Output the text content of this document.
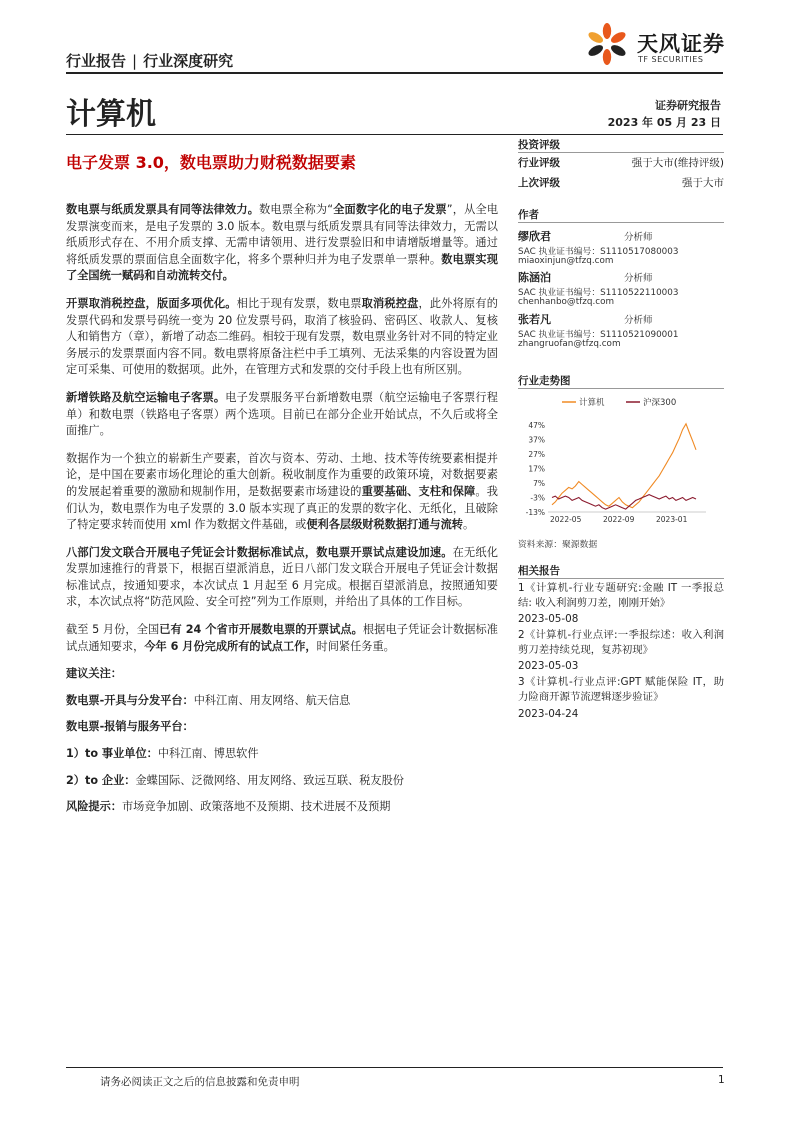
行业报告 | 行业深度研究
天风证券
TF SECURITIES
计算机	证券研究报告
2023 年 05 月 23 日
电子发票 3.0，数电票助力财税数据要素

数电票与纸质发票具有同等法律效力。数电票全称为“全面数字化的电子发票”，从全电发票演变而来，是电子发票的 3.0 版本。数电票与纸质发票具有同等法律效力，无需以纸质形式存在、不用介质支撑、无需申请领用、进行发票验旧和申请增版增量等。通过将纸质发票的票面信息全面数字化，将多个票种归并为电子发票单一票种。数电票实现了全国统一赋码和自动流转交付。

开票取消税控盘，版面多项优化。相比于现有发票，数电票取消税控盘，此外将原有的发票代码和发票号码统一变为 20 位发票号码，取消了核验码、密码区、收款人、复核人和销售方（章），新增了动态二维码。相较于现有发票，数电票业务针对不同的特定业务展示的发票票面内容不同。数电票将原备注栏中手工填列、无法采集的内容设置为固定可采集、可使用的数据项。此外，在管理方式和发票的交付手段上也有所区别。

新增铁路及航空运输电子客票。电子发票服务平台新增数电票（航空运输电子客票行程单）和数电票（铁路电子客票）两个选项。目前已在部分企业开始试点，不久后或将全面推广。

数据作为一个独立的崭新生产要素，首次与资本、劳动、土地、技术等传统要素相提并论，是中国在要素市场化理论的重大创新。税收制度作为重要的政策环境，对数据要素的发展起着重要的激励和规制作用，是数据要素市场建设的重要基础、支柱和保障。我们认为，数电票作为电子发票的 3.0 版本实现了真正的发票的数字化、无纸化，且破除了特定要求转而使用 xml 作为数据文件基础，或便利各层级财税数据打通与流转。

八部门发文联合开展电子凭证会计数据标准试点，数电票开票试点建设加速。在无纸化发票加速推行的背景下，根据百望派消息，近日八部门发文联合开展电子凭证会计数据标准试点，按通知要求，本次试点 1 月起至 6 月完成。根据百望派消息，按照通知要求，本次试点将“防范风险、安全可控”列为工作原则，并给出了具体的工作目标。

截至 5 月份，全国已有 24 个省市开展数电票的开票试点。根据电子凭证会计数据标准试点通知要求，今年 6 月份完成所有的试点工作，时间紧任务重。

建议关注：

数电票-开具与分发平台：中科江南、用友网络、航天信息

数电票-报销与服务平台：

1）to 事业单位：中科江南、博思软件

2）to 企业：金蝶国际、泛微网络、用友网络、致远互联、税友股份

风险提示：市场竞争加剧、政策落地不及预期、技术进展不及预期

投资评级
行业评级	强于大市(维持评级)
上次评级	强于大市
作者
缪欣君	分析师
SAC 执业证书编号：S1110517080003
miaoxinjun@tfzq.com
陈涵泊	分析师
SAC 执业证书编号：S1110522110003
chenhanbo@tfzq.com
张若凡	分析师
SAC 执业证书编号：S1110521090001
zhangruofan@tfzq.com
行业走势图
计算机	沪深300
47%
37%
27%
17%
7%
-3%
-13%
2022-05	2022-09	2023-01
资料来源：聚源数据
相关报告
1《计算机-行业专题研究:金融 IT 一季报总结: 收入利润剪刀差，刚刚开始》
2023-05-08
2《计算机-行业点评:一季报综述：收入利润剪刀差持续兑现，复苏初现》
2023-05-03
3《计算机-行业点评:GPT 赋能保险 IT，助力险商开源节流逻辑逐步验证》
2023-04-24
请务必阅读正文之后的信息披露和免责申明	1
